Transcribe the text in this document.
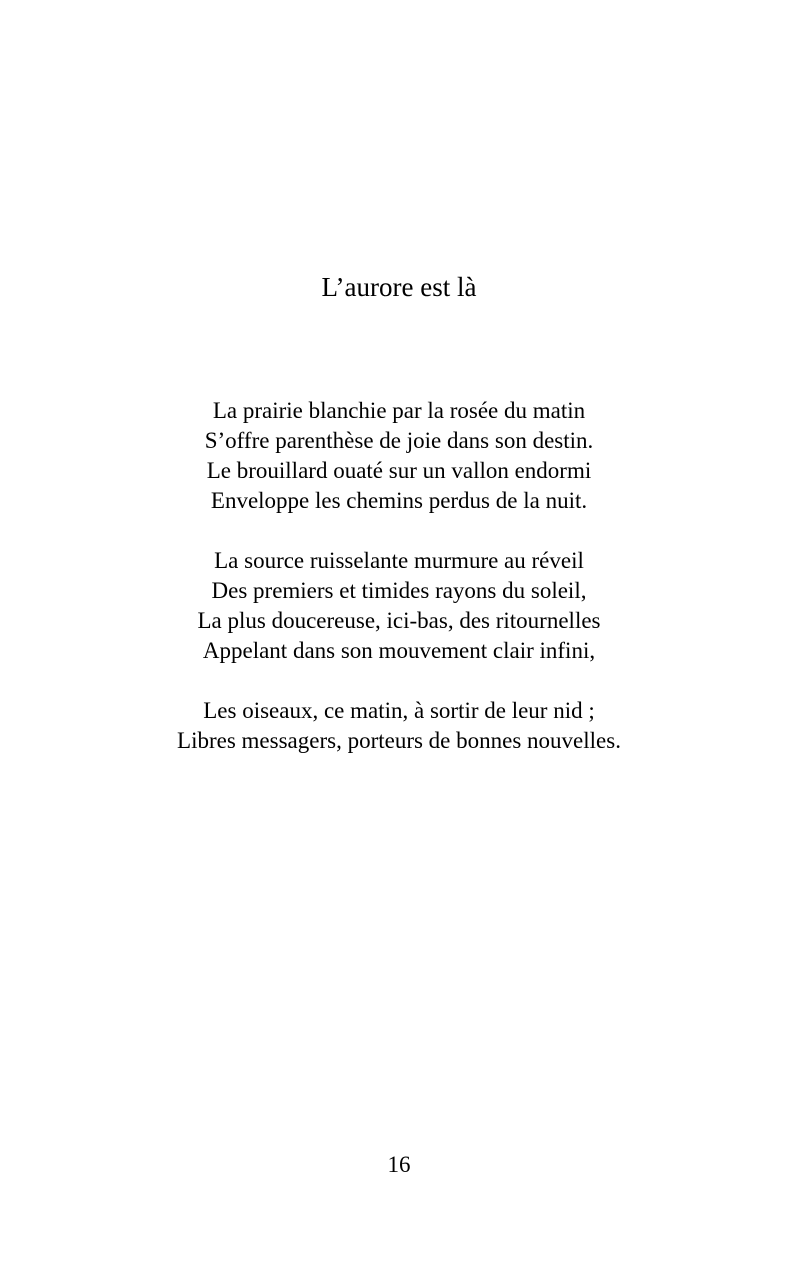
L’aurore est là
La prairie blanchie par la rosée du matin
S’offre parenthèse de joie dans son destin.
Le brouillard ouaté sur un vallon endormi
Enveloppe les chemins perdus de la nuit.
La source ruisselante murmure au réveil
Des premiers et timides rayons du soleil,
La plus doucereuse, ici-bas, des ritournelles
Appelant dans son mouvement clair infini,
Les oiseaux, ce matin, à sortir de leur nid ;
Libres messagers, porteurs de bonnes nouvelles.
16
